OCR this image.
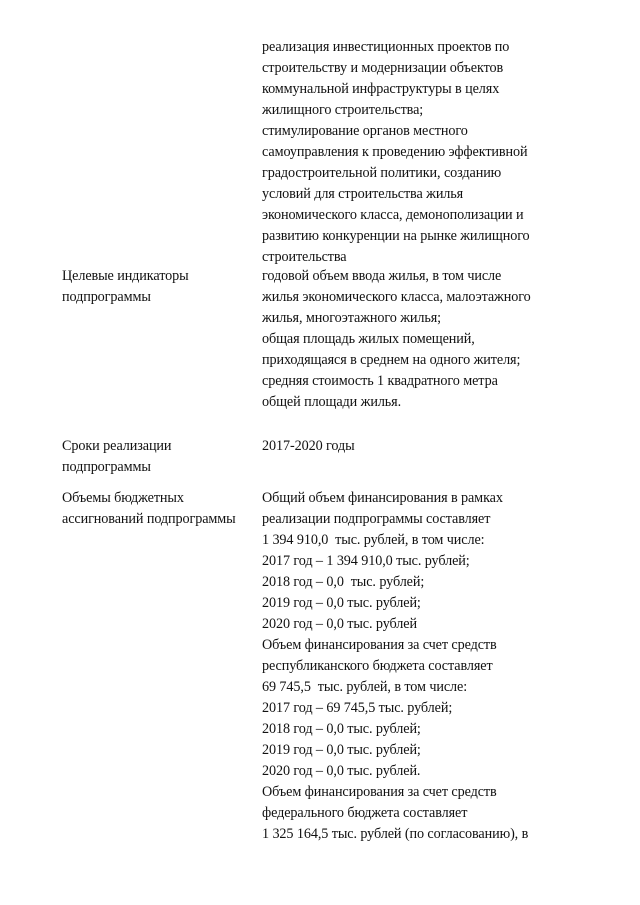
реализация инвестиционных проектов по
строительству и модернизации объектов
коммунальной инфраструктуры в целях
жилищного строительства;
стимулирование органов местного
самоуправления к проведению эффективной
градостроительной политики, созданию
условий для строительства жилья
экономического класса, демонополизации и
развитию конкуренции на рынке жилищного
строительства
Целевые индикаторы
подпрограммы
годовой объем ввода жилья, в том числе
жилья экономического класса, малоэтажного
жилья, многоэтажного жилья;
общая площадь жилых помещений,
приходящаяся в среднем на одного жителя;
средняя стоимость 1 квадратного метра
общей площади жилья.
Сроки реализации
подпрограммы
2017-2020 годы
Объемы бюджетных
ассигнований подпрограммы
Общий объем финансирования в рамках
реализации подпрограммы составляет
1 394 910,0  тыс. рублей, в том числе:
2017 год – 1 394 910,0 тыс. рублей;
2018 год – 0,0  тыс. рублей;
2019 год – 0,0 тыс. рублей;
2020 год – 0,0 тыс. рублей
Объем финансирования за счет средств
республиканского бюджета составляет
69 745,5  тыс. рублей, в том числе:
2017 год – 69 745,5 тыс. рублей;
2018 год – 0,0 тыс. рублей;
2019 год – 0,0 тыс. рублей;
2020 год – 0,0 тыс. рублей.
Объем финансирования за счет средств
федерального бюджета составляет
1 325 164,5 тыс. рублей (по согласованию), в
